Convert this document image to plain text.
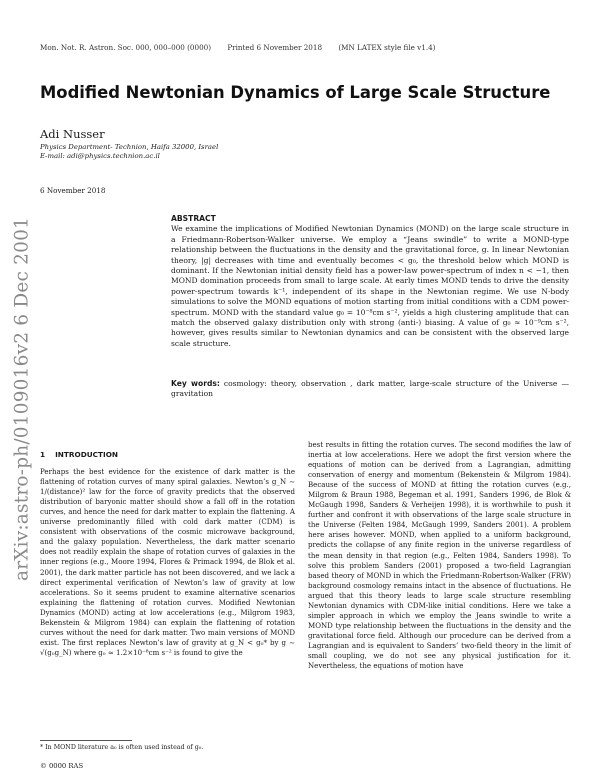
Mon. Not. R. Astron. Soc. 000, 000–000 (0000) Printed 6 November 2018 (MN LATEX style file v1.4)
Modified Newtonian Dynamics of Large Scale Structure
Adi Nusser
Physics Department- Technion, Haifa 32000, Israel
E-mail: adi@physics.technion.ac.il
6 November 2018
arXiv:astro-ph/0109016v2 6 Dec 2001	ABSTRACT

We examine the implications of Modified Newtonian Dynamics (MOND) on the large scale structure in a Friedmann-Robertson-Walker universe. We employ a “Jeans swindle” to write a MOND-type relationship between the fluctuations in the density and the gravitational force, g. In linear Newtonian theory, |g| decreases with time and eventually becomes < g₀, the threshold below which MOND is dominant. If the Newtonian initial density field has a power-law power-spectrum of index n < −1, then MOND domination proceeds from small to large scale. At early times MOND tends to drive the density power-spectrum towards k⁻¹, independent of its shape in the Newtonian regime. We use N-body simulations to solve the MOND equations of motion starting from initial conditions with a CDM power-spectrum. MOND with the standard value g₀ = 10⁻⁸cm s⁻², yields a high clustering amplitude that can match the observed galaxy distribution only with strong (anti-) biasing. A value of g₀ ≈ 10⁻⁹cm s⁻², however, gives results similar to Newtonian dynamics and can be consistent with the observed large scale structure.

Key words: cosmology: theory, observation , dark matter, large-scale structure of the Universe — gravitation
1 INTRODUCTION

Perhaps the best evidence for the existence of dark matter is the flattening of rotation curves of many spiral galaxies. Newton’s g_N ∼ 1/(distance)² law for the force of gravity predicts that the observed distribution of baryonic matter should show a fall off in the rotation curves, and hence the need for dark matter to explain the flattening. A universe predominantly filled with cold dark matter (CDM) is consistent with observations of the cosmic microwave background, and the galaxy population. Nevertheless, the dark matter scenario does not readily explain the shape of rotation curves of galaxies in the inner regions (e.g., Moore 1994, Flores & Primack 1994, de Blok et al. 2001), the dark matter particle has not been discovered, and we lack a direct experimental verification of Newton’s law of gravity at low accelerations. So it seems prudent to examine alternative scenarios explaining the flattening of rotation curves. Modified Newtonian Dynamics (MOND) acting at low accelerations (e.g., Milgrom 1983, Bekenstein & Milgrom 1984) can explain the flattening of rotation curves without the need for dark matter. Two main versions of MOND exist. The first replaces Newton’s law of gravity at g_N < g₀* by g ∼ √(g₀g_N) where g₀ ≈ 1.2×10⁻⁸cm s⁻² is found to give the

best results in fitting the rotation curves. The second modifies the law of inertia at low accelerations. Here we adopt the first version where the equations of motion can be derived from a Lagrangian, admitting conservation of energy and momentum (Bekenstein & Milgrom 1984). Because of the success of MOND at fitting the rotation curves (e.g., Milgrom & Braun 1988, Begeman et al. 1991, Sanders 1996, de Blok & McGaugh 1998, Sanders & Verheijen 1998), it is worthwhile to push it further and confront it with observations of the large scale structure in the Universe (Felten 1984, McGaugh 1999, Sanders 2001). A problem here arises however. MOND, when applied to a uniform background, predicts the collapse of any finite region in the universe regardless of the mean density in that region (e.g., Felten 1984, Sanders 1998). To solve this problem Sanders (2001) proposed a two-field Lagrangian based theory of MOND in which the Friedmann-Robertson-Walker (FRW) background cosmology remains intact in the absence of fluctuations. He argued that this theory leads to large scale structure resembling Newtonian dynamics with CDM-like initial conditions. Here we take a simpler approach in which we employ the Jeans swindle to write a MOND type relationship between the fluctuations in the density and the gravitational force field. Although our procedure can be derived from a Lagrangian and is equivalent to Sanders’ two-field theory in the limit of small coupling, we do not see any physical justification for it. Nevertheless, the equations of motion have

* In MOND literature a₀ is often used instead of g₀.
© 0000 RAS
